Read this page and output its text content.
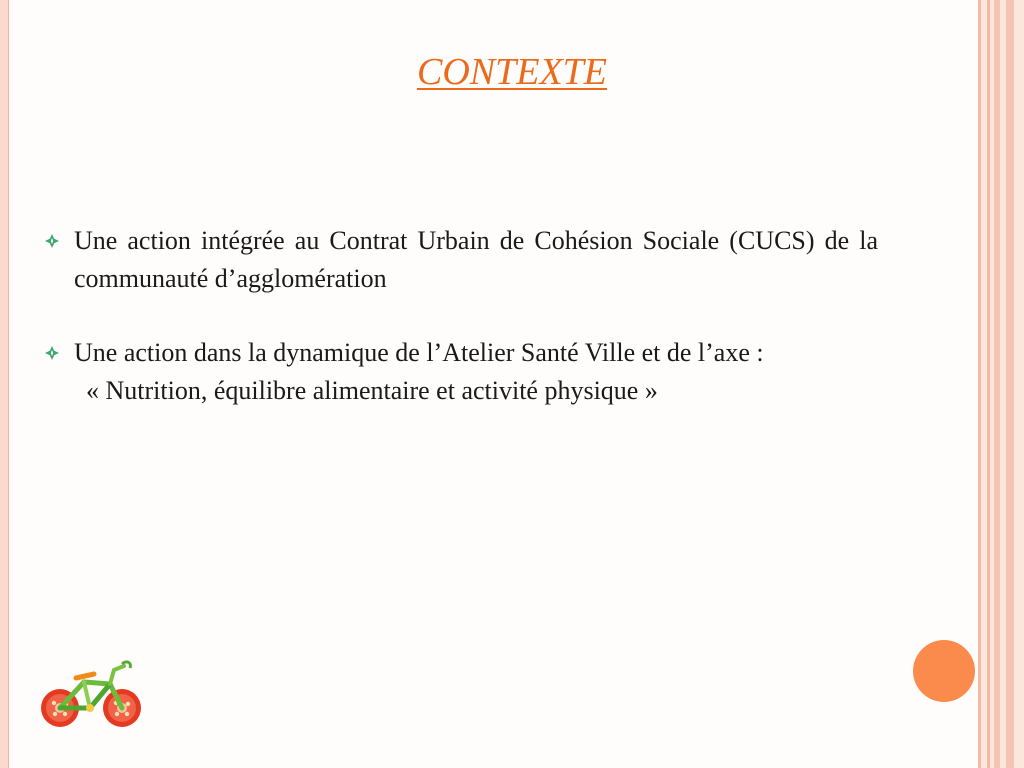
CONTEXTE
Une action intégrée au Contrat Urbain de Cohésion Sociale (CUCS) de la communauté d’agglomération
Une action dans la dynamique de l’Atelier Santé Ville et de l’axe :
« Nutrition, équilibre alimentaire et activité physique »
